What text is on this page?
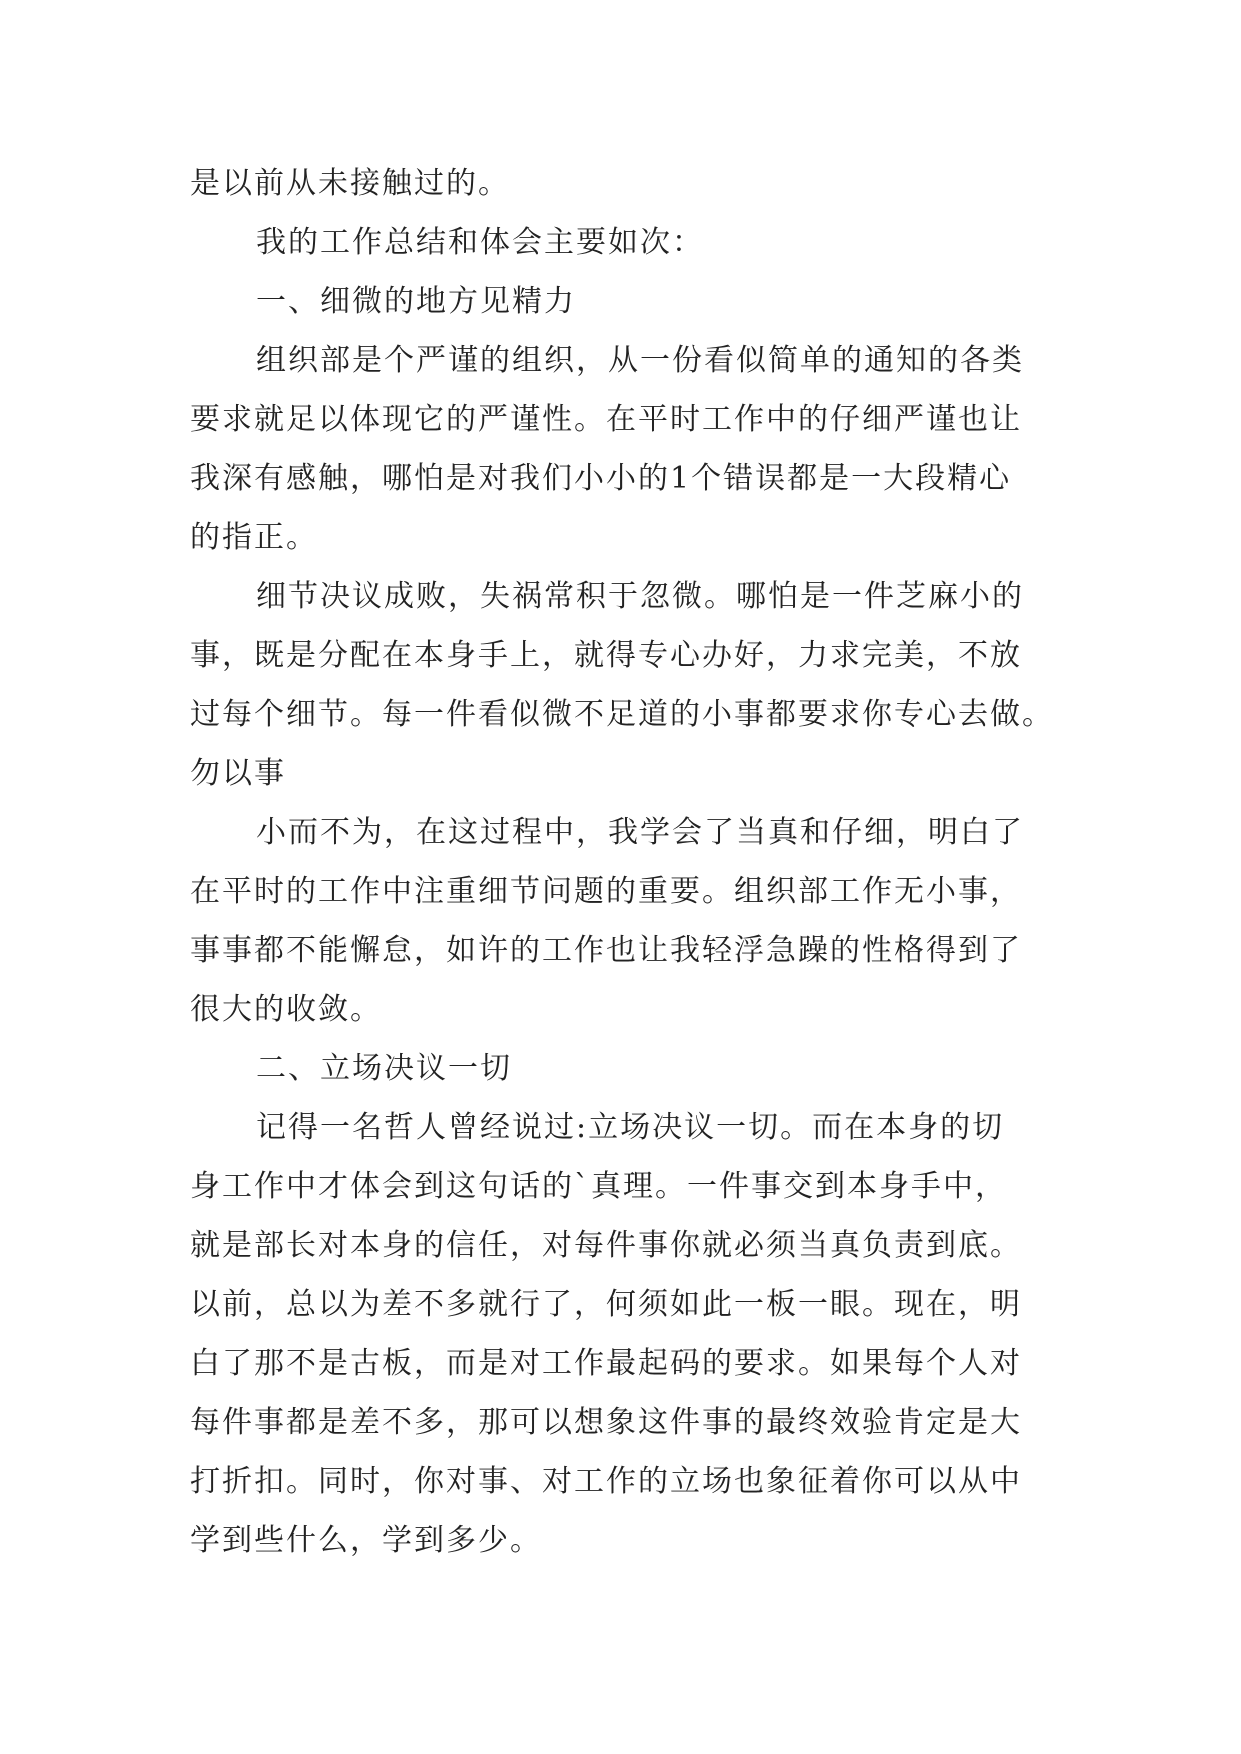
是以前从未接触过的。
我的工作总结和体会主要如次：
一、细微的地方见精力
组织部是个严谨的组织，从一份看似简单的通知的各类
要求就足以体现它的严谨性。在平时工作中的仔细严谨也让
我深有感触，哪怕是对我们小小的1个错误都是一大段精心
的指正。
细节决议成败，失祸常积于忽微。哪怕是一件芝麻小的
事，既是分配在本身手上，就得专心办好，力求完美，不放
过每个细节。每一件看似微不足道的小事都要求你专心去做。
勿以事
小而不为，在这过程中，我学会了当真和仔细，明白了
在平时的工作中注重细节问题的重要。组织部工作无小事，
事事都不能懈怠，如许的工作也让我轻浮急躁的性格得到了
很大的收敛。
二、立场决议一切
记得一名哲人曾经说过:立场决议一切。而在本身的切
身工作中才体会到这句话的`真理。一件事交到本身手中，
就是部长对本身的信任，对每件事你就必须当真负责到底。
以前，总以为差不多就行了，何须如此一板一眼。现在，明
白了那不是古板，而是对工作最起码的要求。如果每个人对
每件事都是差不多，那可以想象这件事的最终效验肯定是大
打折扣。同时，你对事、对工作的立场也象征着你可以从中
学到些什么，学到多少。
